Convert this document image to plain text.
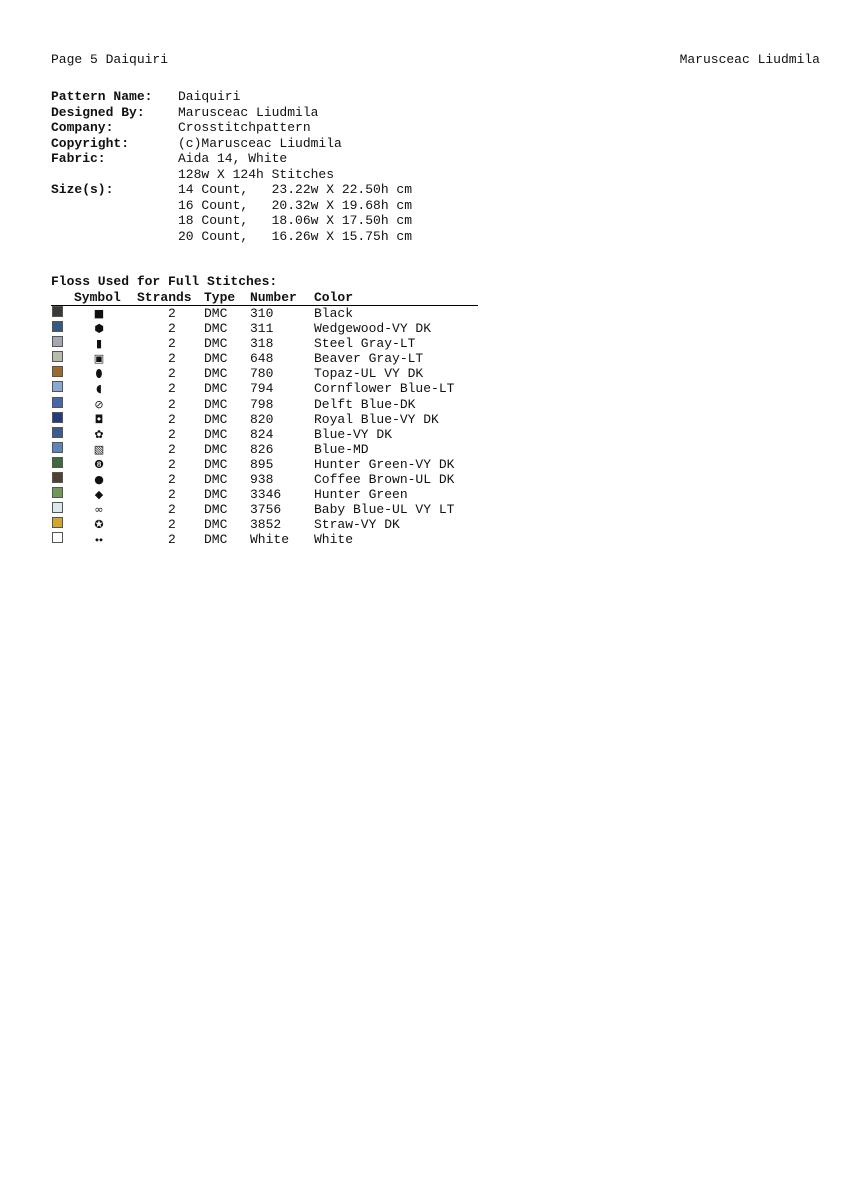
Page 5 Daiquiri	Marusceac Liudmila
Pattern Name:	Daiquiri
Designed By:	Marusceac Liudmila
Company:	Crosstitchpattern
Copyright:	(c)Marusceac Liudmila
Fabric:	Aida 14, White
128w X 124h Stitches
Size(s):	14 Count,   23.22w X 22.50h cm
16 Count,   20.32w X 19.68h cm
18 Count,   18.06w X 17.50h cm
20 Count,   16.26w X 15.75h cm
Floss Used for Full Stitches:
Symbol Strands Type Number Color
■	2 DMC 310	Black
⬢	2 DMC 311	Wedgewood-VY DK
▮	2 DMC 318	Steel Gray-LT
▣	2 DMC 648	Beaver Gray-LT
⬮	2 DMC 780	Topaz-UL VY DK
◖	2 DMC 794	Cornflower Blue-LT
⊘	2 DMC 798	Delft Blue-DK
◘	2 DMC 820	Royal Blue-VY DK
✿	2 DMC 824	Blue-VY DK
▧	2 DMC 826	Blue-MD
❽	2 DMC 895	Hunter Green-VY DK
●	2 DMC 938	Coffee Brown-UL DK
◆	2 DMC 3346	Hunter Green
∞	2 DMC 3756	Baby Blue-UL VY LT
✪	2 DMC 3852	Straw-VY DK
⬩⬩	2 DMC White White
